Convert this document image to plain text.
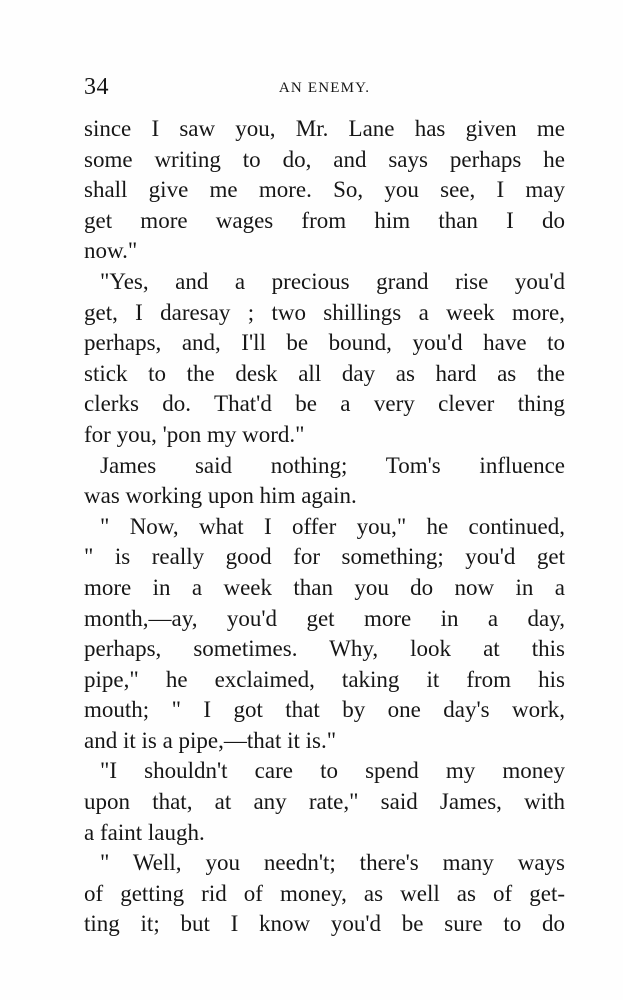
34	AN ENEMY.
since I saw you, Mr. Lane has given me
some writing to do, and says perhaps he
shall give me more. So, you see, I may
get more wages from him than I do
now."
"Yes, and a precious grand rise you'd
get, I daresay ; two shillings a week more,
perhaps, and, I'll be bound, you'd have to
stick to the desk all day as hard as the
clerks do. That'd be a very clever thing
for you, 'pon my word."
James said nothing; Tom's influence
was working upon him again.
" Now, what I offer you," he continued,
" is really good for something; you'd get
more in a week than you do now in a
month,—ay, you'd get more in a day,
perhaps, sometimes. Why, look at this
pipe," he exclaimed, taking it from his
mouth; " I got that by one day's work,
and it is a pipe,—that it is."
"I shouldn't care to spend my money
upon that, at any rate," said James, with
a faint laugh.
" Well, you needn't; there's many ways
of getting rid of money, as well as of get-
ting it; but I know you'd be sure to do
